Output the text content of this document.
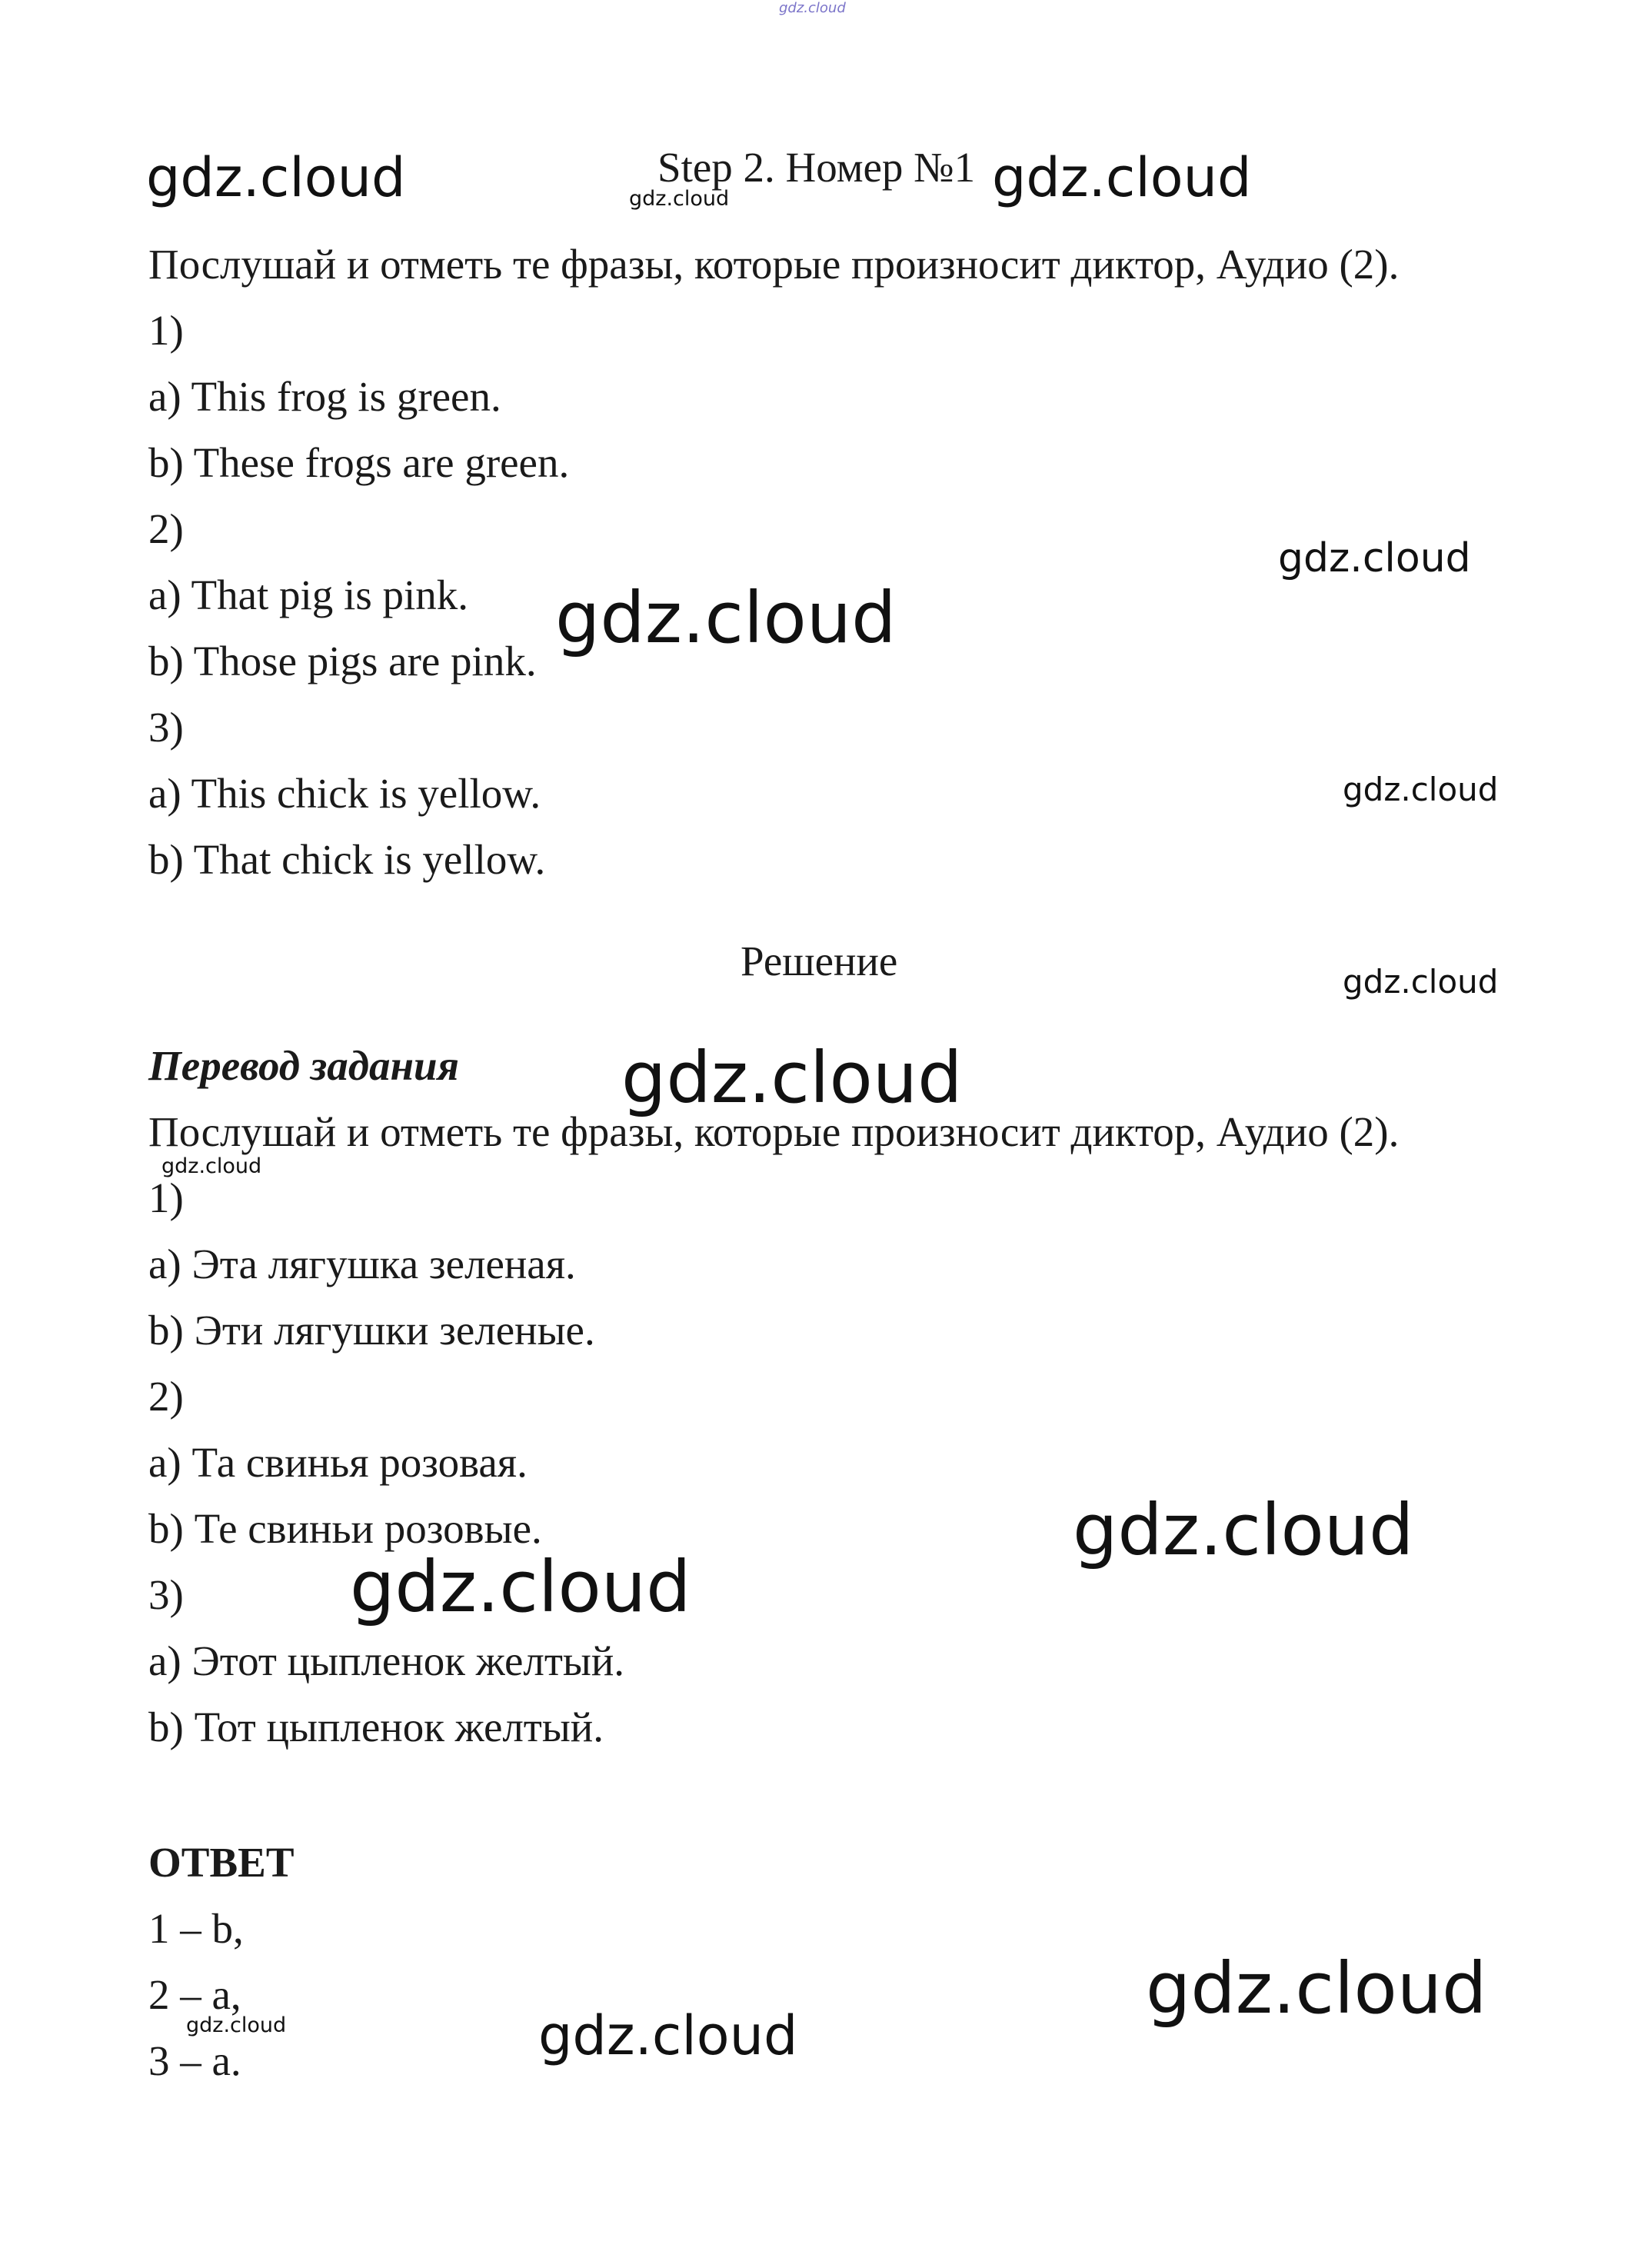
gdz.cloud
Step 2. Номер №1
Послушай и отметь те фразы, которые произносит диктор, Аудио (2).
1)
a) This frog is green.
b) These frogs are green.
2)
a) That pig is pink.
b) Those pigs are pink.
3)
a) This chick is yellow.
b) That chick is yellow.
Решение
Перевод задания
Послушай и отметь те фразы, которые произносит диктор, Аудио (2).
1)
a) Эта лягушка зеленая.
b) Эти лягушки зеленые.
2)
a) Та свинья розовая.
b) Те свиньи розовые.
3)
a) Этот цыпленок желтый.
b) Тот цыпленок желтый.
ОТВЕТ
1 – b,
2 – a,
3 – a.
gdz.cloud	gdz.cloud	gdz.cloud
gdz.cloud
gdz.cloud
gdz.cloud
gdz.cloud
gdz.cloud
gdz.cloud
gdz.cloud
gdz.cloud
gdz.cloud
gdz.cloud	gdz.cloud
